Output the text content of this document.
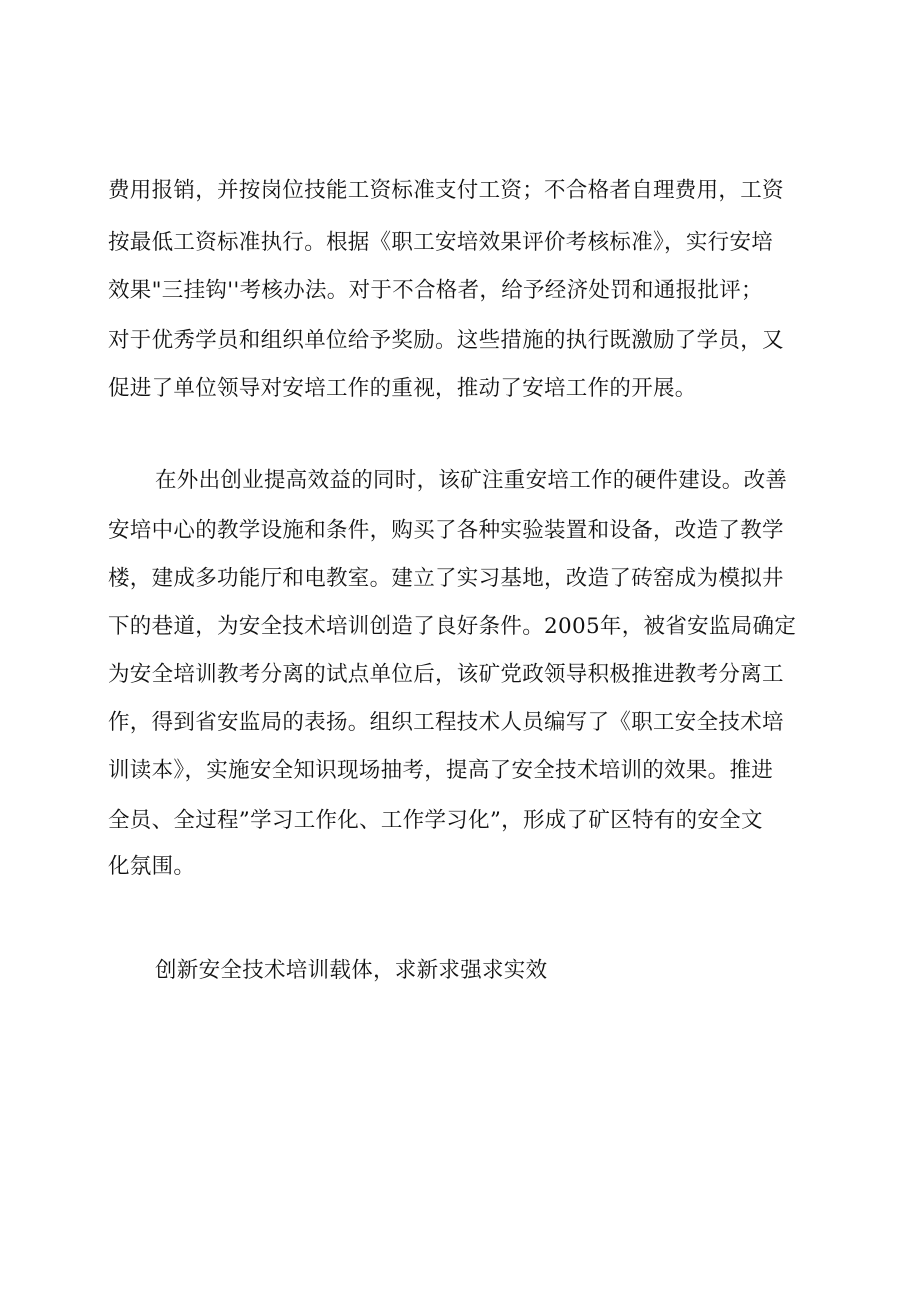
费用报销，并按岗位技能工资标准支付工资；不合格者自理费用，工资
按最低工资标准执行。根据《职工安培效果评价考核标准》，实行安培
效果"三挂钩''考核办法。对于不合格者，给予经济处罚和通报批评；
对于优秀学员和组织单位给予奖励。这些措施的执行既激励了学员，又
促进了单位领导对安培工作的重视，推动了安培工作的开展。
在外出创业提高效益的同时，该矿注重安培工作的硬件建设。改善
安培中心的教学设施和条件，购买了各种实验装置和设备，改造了教学
楼，建成多功能厅和电教室。建立了实习基地，改造了砖窑成为模拟井
下的巷道，为安全技术培训创造了良好条件。2005年，被省安监局确定
为安全培训教考分离的试点单位后，该矿党政领导积极推进教考分离工
作，得到省安监局的表扬。组织工程技术人员编写了《职工安全技术培
训读本》，实施安全知识现场抽考，提高了安全技术培训的效果。推进
全员、全过程”学习工作化、工作学习化”，形成了矿区特有的安全文
化氛围。
创新安全技术培训载体，求新求强求实效
